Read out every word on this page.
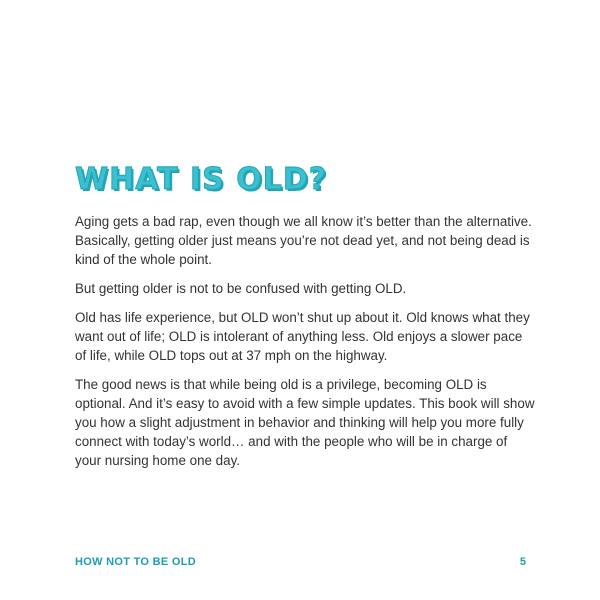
WHAT IS OLD?

Aging gets a bad rap, even though we all know it’s better than the alternative. Basically, getting older just means you’re not dead yet, and not being dead is kind of the whole point.

But getting older is not to be confused with getting OLD.

Old has life experience, but OLD won’t shut up about it. Old knows what they want out of life; OLD is intolerant of anything less. Old enjoys a slower pace of life, while OLD tops out at 37 mph on the highway.

The good news is that while being old is a privilege, becoming OLD is optional. And it’s easy to avoid with a few simple updates. This book will show you how a slight adjustment in behavior and thinking will help you more fully connect with today’s world… and with the people who will be in charge of your nursing home one day.

HOW NOT TO BE OLD	5
